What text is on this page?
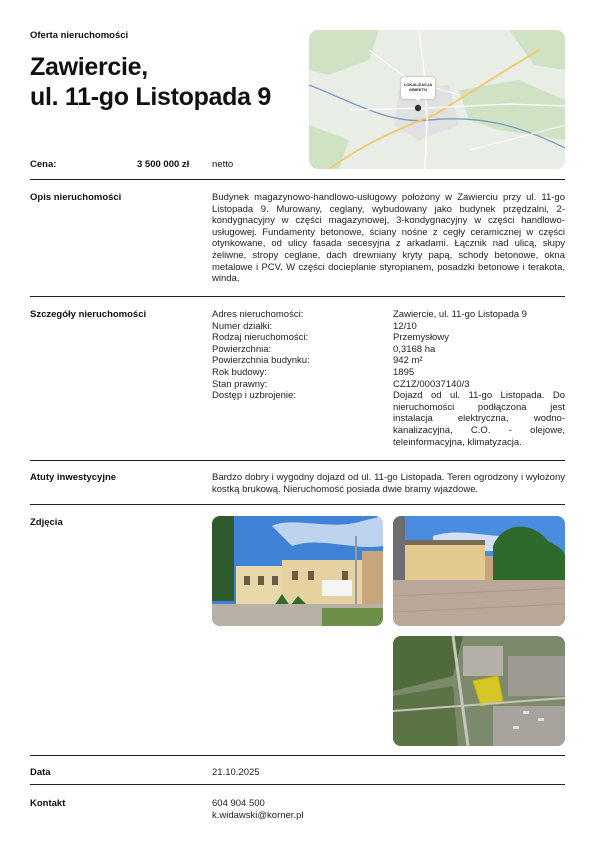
Oferta nieruchomości
Zawiercie,
ul. 11-go Listopada 9	LOKALIZACJA
OBIEKTU
Cena:	3 500 000 zł netto
Opis nieruchomości	Budynek magazynowo-handlowo-usługowy położony w Zawierciu przy ul. 11-go Listopada 9. Murowany, ceglany, wybudowany jako budynek przędzalni, 2-kondygnacyjny w części magazynowej, 3-kondygnacyjny w części handlowo-usługowej. Fundamenty betonowe, ściany nośne z cegły ceramicznej w części otynkowane, od ulicy fasada secesyjna z arkadami. Łącznik nad ulicą, słupy żeliwne, stropy ceglane, dach drewniany kryty papą, schody betonowe, okna metalowe i PCV. W części docieplanie styropianem, posadzki betonowe i terakota, winda.
Szczegóły nieruchomości	Adres nieruchomości:	Zawiercie, ul. 11-go Listopada 9
Numer działki:	12/10
Rodzaj nieruchomości:	Przemysłowy
Powierzchnia:	0,3168 ha
Powierzchnia budynku:	942 m²
Rok budowy:	1895
Stan prawny:	CZ1Z/00037140/3
Dostęp i uzbrojenie:	Dojazd od ul. 11-go Listopada. Do nieruchomości podłączona jest instalacja elektryczna, wodno-kanalizacyjna, C.O. - olejowe, teleinformacyjna, klimatyzacja.
Atuty inwestycyjne	Bardzo dobry i wygodny dojazd od ul. 11-go Listopada. Teren ogrodzony i wyłożony kostką brukową. Nieruchomość posiada dwie bramy wjazdowe.
Zdjęcia
Data	21.10.2025
Kontakt	604 904 500
k.widawski@korner.pl
